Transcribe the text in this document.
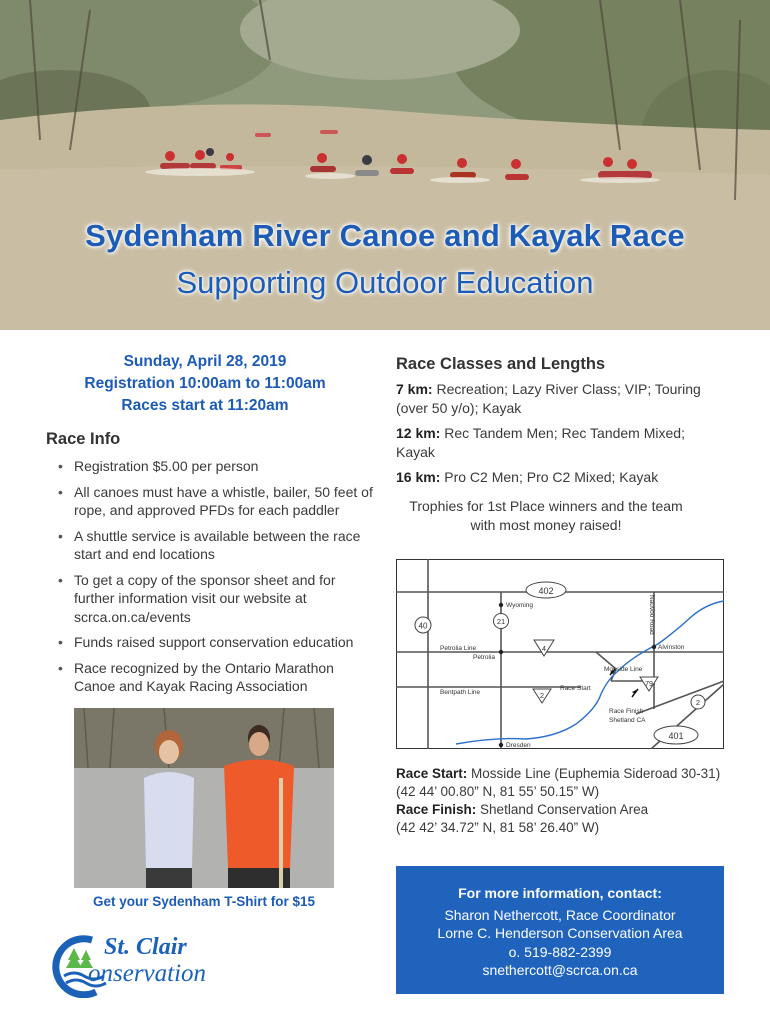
Sydenham River Canoe and Kayak Race
Supporting Outdoor Education
Sunday, April 28, 2019
Registration 10:00am to 11:00am
Races start at 11:20am
Race Info
• Registration $5.00 per person
• All canoes must have a whistle, bailer, 50 feet of rope, and approved PFDs for each paddler
• A shuttle service is available between the race start and end locations
• To get a copy of the sponsor sheet and for further information visit our website at scrca.on.ca/events
• Funds raised support conservation education
• Race recognized by the Ontario Marathon Canoe and Kayak Racing Association
Get your Sydenham T-Shirt for $15
St. Clair
onservation
Race Classes and Lengths

7 km: Recreation; Lazy River Class; VIP; Touring (over 50 y/o); Kayak

12 km: Rec Tandem Men; Rec Tandem Mixed; Kayak

16 km: Pro C2 Men; Pro C2 Mixed; Kayak

Trophies for 1st Place winners and the team with most money raised!
402
401
40	21
4
2
79
2
Wyoming
Petrolia Line
Petrolia
Bentpath Line
Mosside Line
Race Start
Race Finish
Shetland CA
Alvinston
Dresden
Nauvoo Road
Race Start: Mosside Line (Euphemia Sideroad 30-31)
(42 44’ 00.80” N, 81 55’ 50.15” W)
Race Finish: Shetland Conservation Area
(42 42’ 34.72” N, 81 58’ 26.40” W)
For more information, contact:
Sharon Nethercott, Race Coordinator
Lorne C. Henderson Conservation Area
o. 519-882-2399
snethercott@scrca.on.ca
